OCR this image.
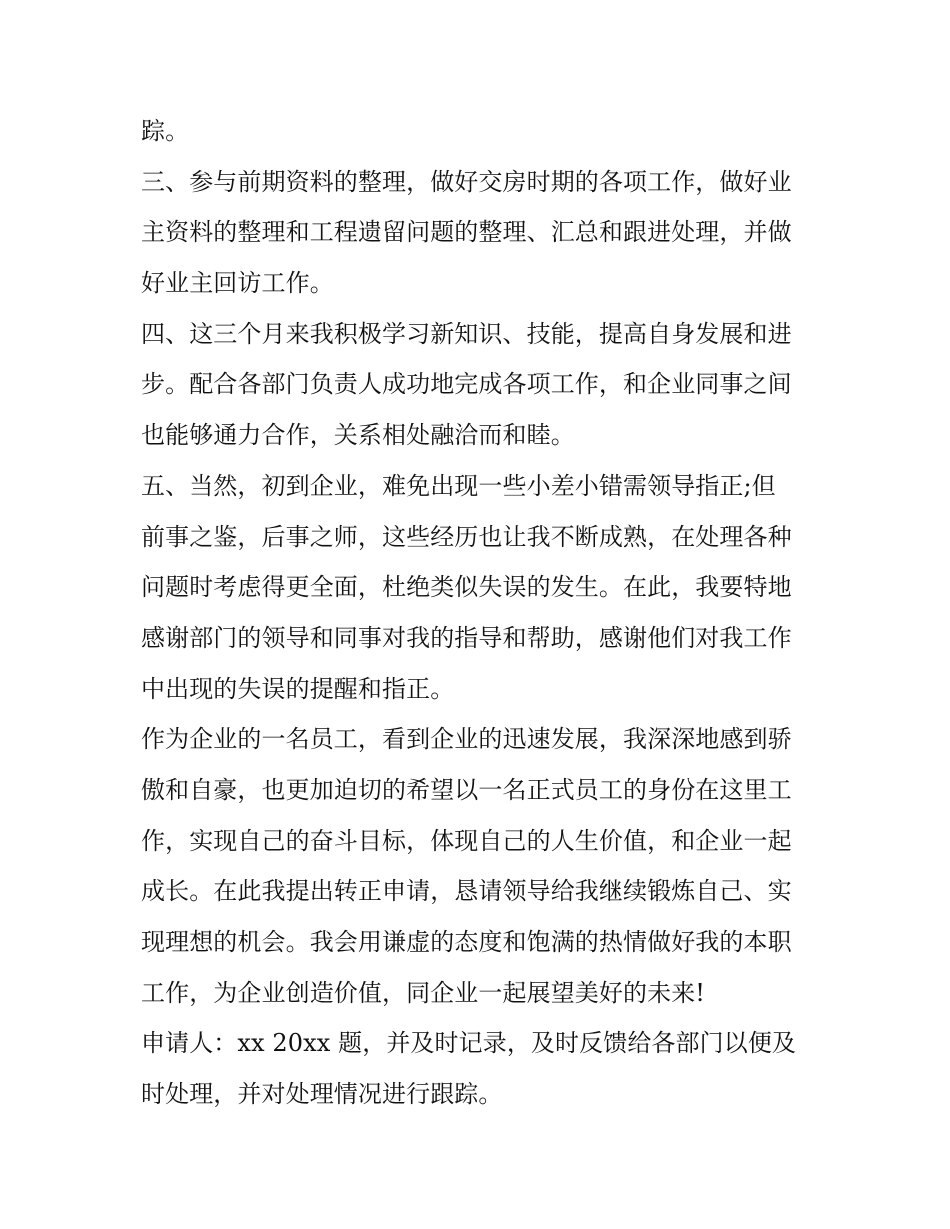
踪。
三、参与前期资料的整理，做好交房时期的各项工作，做好业
主资料的整理和工程遗留问题的整理、汇总和跟进处理，并做
好业主回访工作。
四、这三个月来我积极学习新知识、技能，提高自身发展和进
步。配合各部门负责人成功地完成各项工作，和企业同事之间
也能够通力合作，关系相处融洽而和睦。
五、当然，初到企业，难免出现一些小差小错需领导指正;但
前事之鉴，后事之师，这些经历也让我不断成熟，在处理各种
问题时考虑得更全面，杜绝类似失误的发生。在此，我要特地
感谢部门的领导和同事对我的指导和帮助，感谢他们对我工作
中出现的失误的提醒和指正。
作为企业的一名员工，看到企业的迅速发展，我深深地感到骄
傲和自豪，也更加迫切的希望以一名正式员工的身份在这里工
作，实现自己的奋斗目标，体现自己的人生价值，和企业一起
成长。在此我提出转正申请，恳请领导给我继续锻炼自己、实
现理想的机会。我会用谦虚的态度和饱满的热情做好我的本职
工作，为企业创造价值，同企业一起展望美好的未来!
申请人：xx 20xx 题，并及时记录，及时反馈给各部门以便及
时处理，并对处理情况进行跟踪。
